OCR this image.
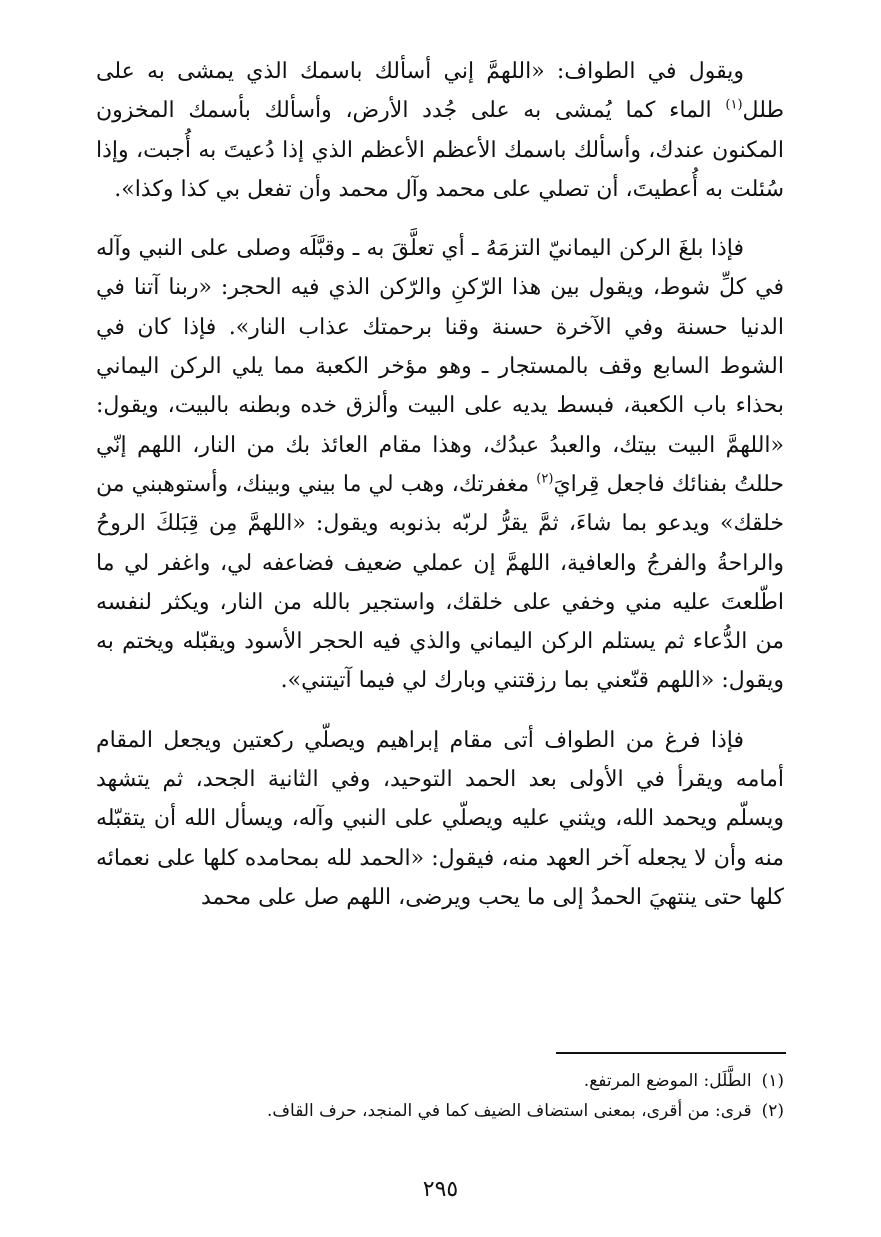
ويقول في الطواف: «اللهمَّ إني أسألك باسمك الذي يمشى به على طلل$^{(١)}$ الماء كما يُمشى به على جُدد الأرض، وأسألك بأسمك المخزون المكنون عندك، وأسألك باسمك الأعظم الأعظم الذي إذا دُعيتَ به أُجبت، وإذا سُئلت به أُعطيتَ، أن تصلي على محمد وآل محمد وأن تفعل بي كذا وكذا».

فإذا بلغَ الركن اليمانيّ التزمَهُ ـ أي تعلَّقَ به ـ وقبَّلَه وصلى على النبي وآله في كلِّ شوط، ويقول بين هذا الرّكنِ والرّكن الذي فيه الحجر: «ربنا آتنا في الدنيا حسنة وفي الآخرة حسنة وقنا برحمتك عذاب النار». فإذا كان في الشوط السابع وقف بالمستجار ـ وهو مؤخر الكعبة مما يلي الركن اليماني بحذاء باب الكعبة، فبسط يديه على البيت وألزق خده وبطنه بالبيت، ويقول: «اللهمَّ البيت بيتك، والعبدُ عبدُك، وهذا مقام العائذ بك من النار، اللهم إنّي حللتُ بفنائك فاجعل قِرايَ$^{(٢)}$ مغفرتك، وهب لي ما بيني وبينك، وأستوهبني من خلقك» ويدعو بما شاءَ، ثمَّ يقرُّ لربّه بذنوبه ويقول: «اللهمَّ مِن قِبَلكَ الروحُ والراحةُ والفرجُ والعافية، اللهمَّ إن عملي ضعيف فضاعفه لي، واغفر لي ما اطّلعتَ عليه مني وخفي على خلقك، واستجير بالله من النار، ويكثر لنفسه من الدُّعاء ثم يستلم الركن اليماني والذي فيه الحجر الأسود ويقبّله ويختم به ويقول: «اللهم قنّعني بما رزقتني وبارك لي فيما آتيتني».

فإذا فرغ من الطواف أتى مقام إبراهيم ويصلّي ركعتين ويجعل المقام أمامه ويقرأ في الأولى بعد الحمد التوحيد، وفي الثانية الجحد، ثم يتشهد ويسلّم ويحمد الله، ويثني عليه ويصلّي على النبي وآله، ويسأل الله أن يتقبّله منه وأن لا يجعله آخر العهد منه، فيقول: «الحمد لله بمحامده كلها على نعمائه كلها حتى ينتهيَ الحمدُ إلى ما يحب ويرضى، اللهم صل على محمد

(١)الطَّلَل: الموضع المرتفع.
(٢)قرى: من أقرى، بمعنى استضاف الضيف كما في المنجد، حرف القاف.
٢٩٥
